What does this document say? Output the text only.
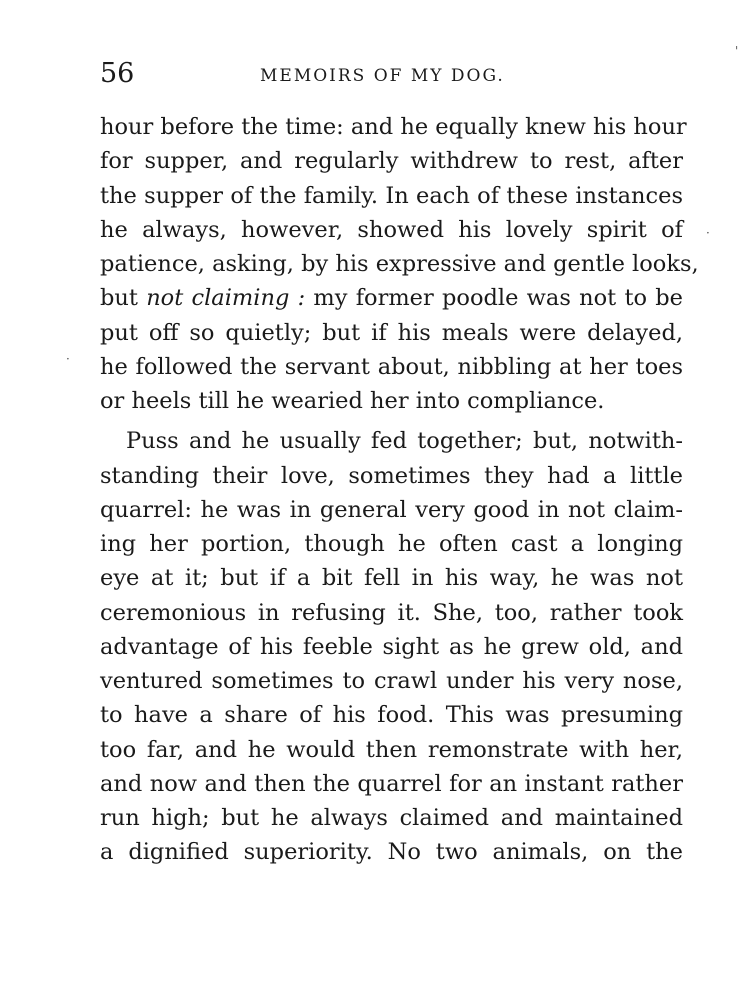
56	MEMOIRS OF MY DOG.
hour before the time: and he equally knew his hour
for supper, and regularly withdrew to rest, after
the supper of the family. In each of these instances
he always, however, showed his lovely spirit of
patience, asking, by his expressive and gentle looks,
but not claiming : my former poodle was not to be
put off so quietly; but if his meals were delayed,
he followed the servant about, nibbling at her toes
or heels till he wearied her into compliance.
Puss and he usually fed together; but, notwith-
standing their love, sometimes they had a little
quarrel: he was in general very good in not claim-
ing her portion, though he often cast a longing
eye at it; but if a bit fell in his way, he was not
ceremonious in refusing it. She, too, rather took
advantage of his feeble sight as he grew old, and
ventured sometimes to crawl under his very nose,
to have a share of his food. This was presuming
too far, and he would then remonstrate with her,
and now and then the quarrel for an instant rather
run high; but he always claimed and maintained
a dignified superiority. No two animals, on the
'
·
·
